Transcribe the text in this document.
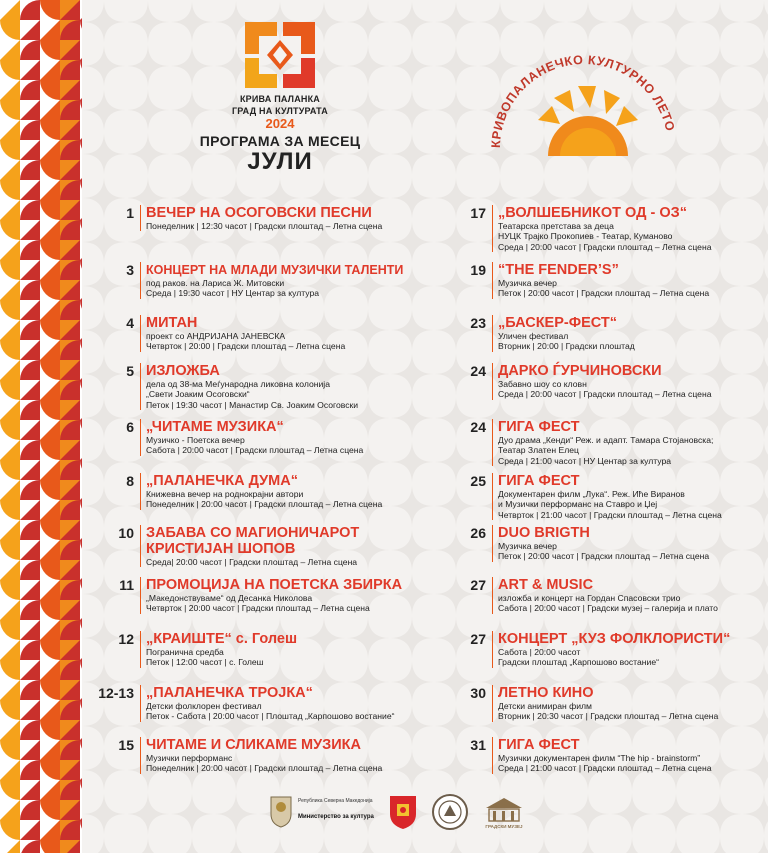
КРИВА ПАЛАНКА
ГРАД НА КУЛТУРАТА
2024
ПРОГРАМА ЗА МЕСЕЦ
ЈУЛИ
КРИВОПАЛАНЕЧКО КУЛТУРНО ЛЕТО
1 ВЕЧЕР НА ОСОГОВСКИ ПЕСНИ
Понеделник | 12:30 часот | Градски плоштад – Летна сцена
3 КОНЦЕРТ НА МЛАДИ МУЗИЧКИ ТАЛЕНТИ
под раков. на Лариса Ж. Митовски
Среда | 19:30 часот | НУ Центар за култура
4 МИТАН
проект со АНДРИЈАНА ЈАНЕВСКА
Четврток | 20:00 | Градски плоштад – Летна сцена
5 ИЗЛОЖБА
дела од 38-ма Меѓународна ликовна колонија
„Свети Јоаким Осоговски“
Петок | 19:30 часот | Манастир Св. Јоаким Осоговски
6 „ЧИТАМЕ МУЗИКА“
Музичко - Поетска вечер
Сабота | 20:00 часот | Градски плоштад – Летна сцена
8 „ПАЛАНЕЧКА ДУМА“
Книжевна вечер на роднокрајни автори
Понеделник | 20:00 часот | Градски плоштад – Летна сцена
10 ЗАБАВА СО МАГИОНИЧАРОТ
КРИСТИЈАН ШОПОВ
Среда| 20:00 часот | Градски плоштад – Летна сцена
11 ПРОМОЦИЈА НА ПОЕТСКА ЗБИРКА
„Македонствуваме“ од Десанка Николова
Четврток | 20:00 часот | Градски плоштад – Летна сцена
12 „КРАИШТЕ“ с. Голеш
Погранична средба
Петок | 12:00 часот | с. Голеш
12-13 „ПАЛАНЕЧКА ТРОЈКА“
Детски фолклорен фестивал
Петок - Сабота | 20:00 часот | Плоштад „Карпошово востание“
15 ЧИТАМЕ И СЛИКАМЕ МУЗИКА
Музички перформанс
Понеделник | 20:00 часот | Градски плоштад – Летна сцена
17 „ВОЛШЕБНИКОТ ОД - ОЗ“
Театарска претстава за деца
НУЦК Трајко Прокопиев - Театар, Куманово
Среда | 20:00 часот | Градски плоштад – Летна сцена
19 “THE FENDER’S”
Музичка вечер
Петок | 20:00 часот | Градски плоштад – Летна сцена
23 „БАСКЕР-ФЕСТ“
Уличен фестивал
Вторник | 20:00 | Градски плоштад
24 ДАРКО ЃУРЧИНОВСКИ
Забавно шоу со кловн
Среда | 20:00 часот | Градски плоштад – Летна сцена
24 ГИГА ФЕСТ
Дуо драма „Кенди“ Реж. и адапт. Тамара Стојановска;
Театар Златен Елец
Среда | 21:00 часот | НУ Центар за култура
25 ГИГА ФЕСТ
Документарен филм „Лука“. Реж. Иће Виранов
и Музички перформанс на Ставро и Џеј
Четврток | 21:00 часот | Градски плоштад – Летна сцена
26 DUO BRIGTH
Музичка вечер
Петок | 20:00 часот | Градски плоштад – Летна сцена
27 ART & MUSIC
изложба и концерт на Гордан Спасовски трио
Сабота | 20:00 часот | Градски музеј – галерија и плато
27 КОНЦЕРТ „КУЗ ФОЛКЛОРИСТИ“
Сабота | 20:00 часот
Градски плоштад „Карпошово востание“
30 ЛЕТНО КИНО
Детски анимиран филм
Вторник | 20:30 часот | Градски плоштад – Летна сцена
31 ГИГА ФЕСТ
Музички документарен филм “The hip - brainstorm”
Среда | 21:00 часот | Градски плоштад – Летна сцена
Република Северна Македонија
Министерство за култура
ГРАДСКИ МУЗЕЈ
